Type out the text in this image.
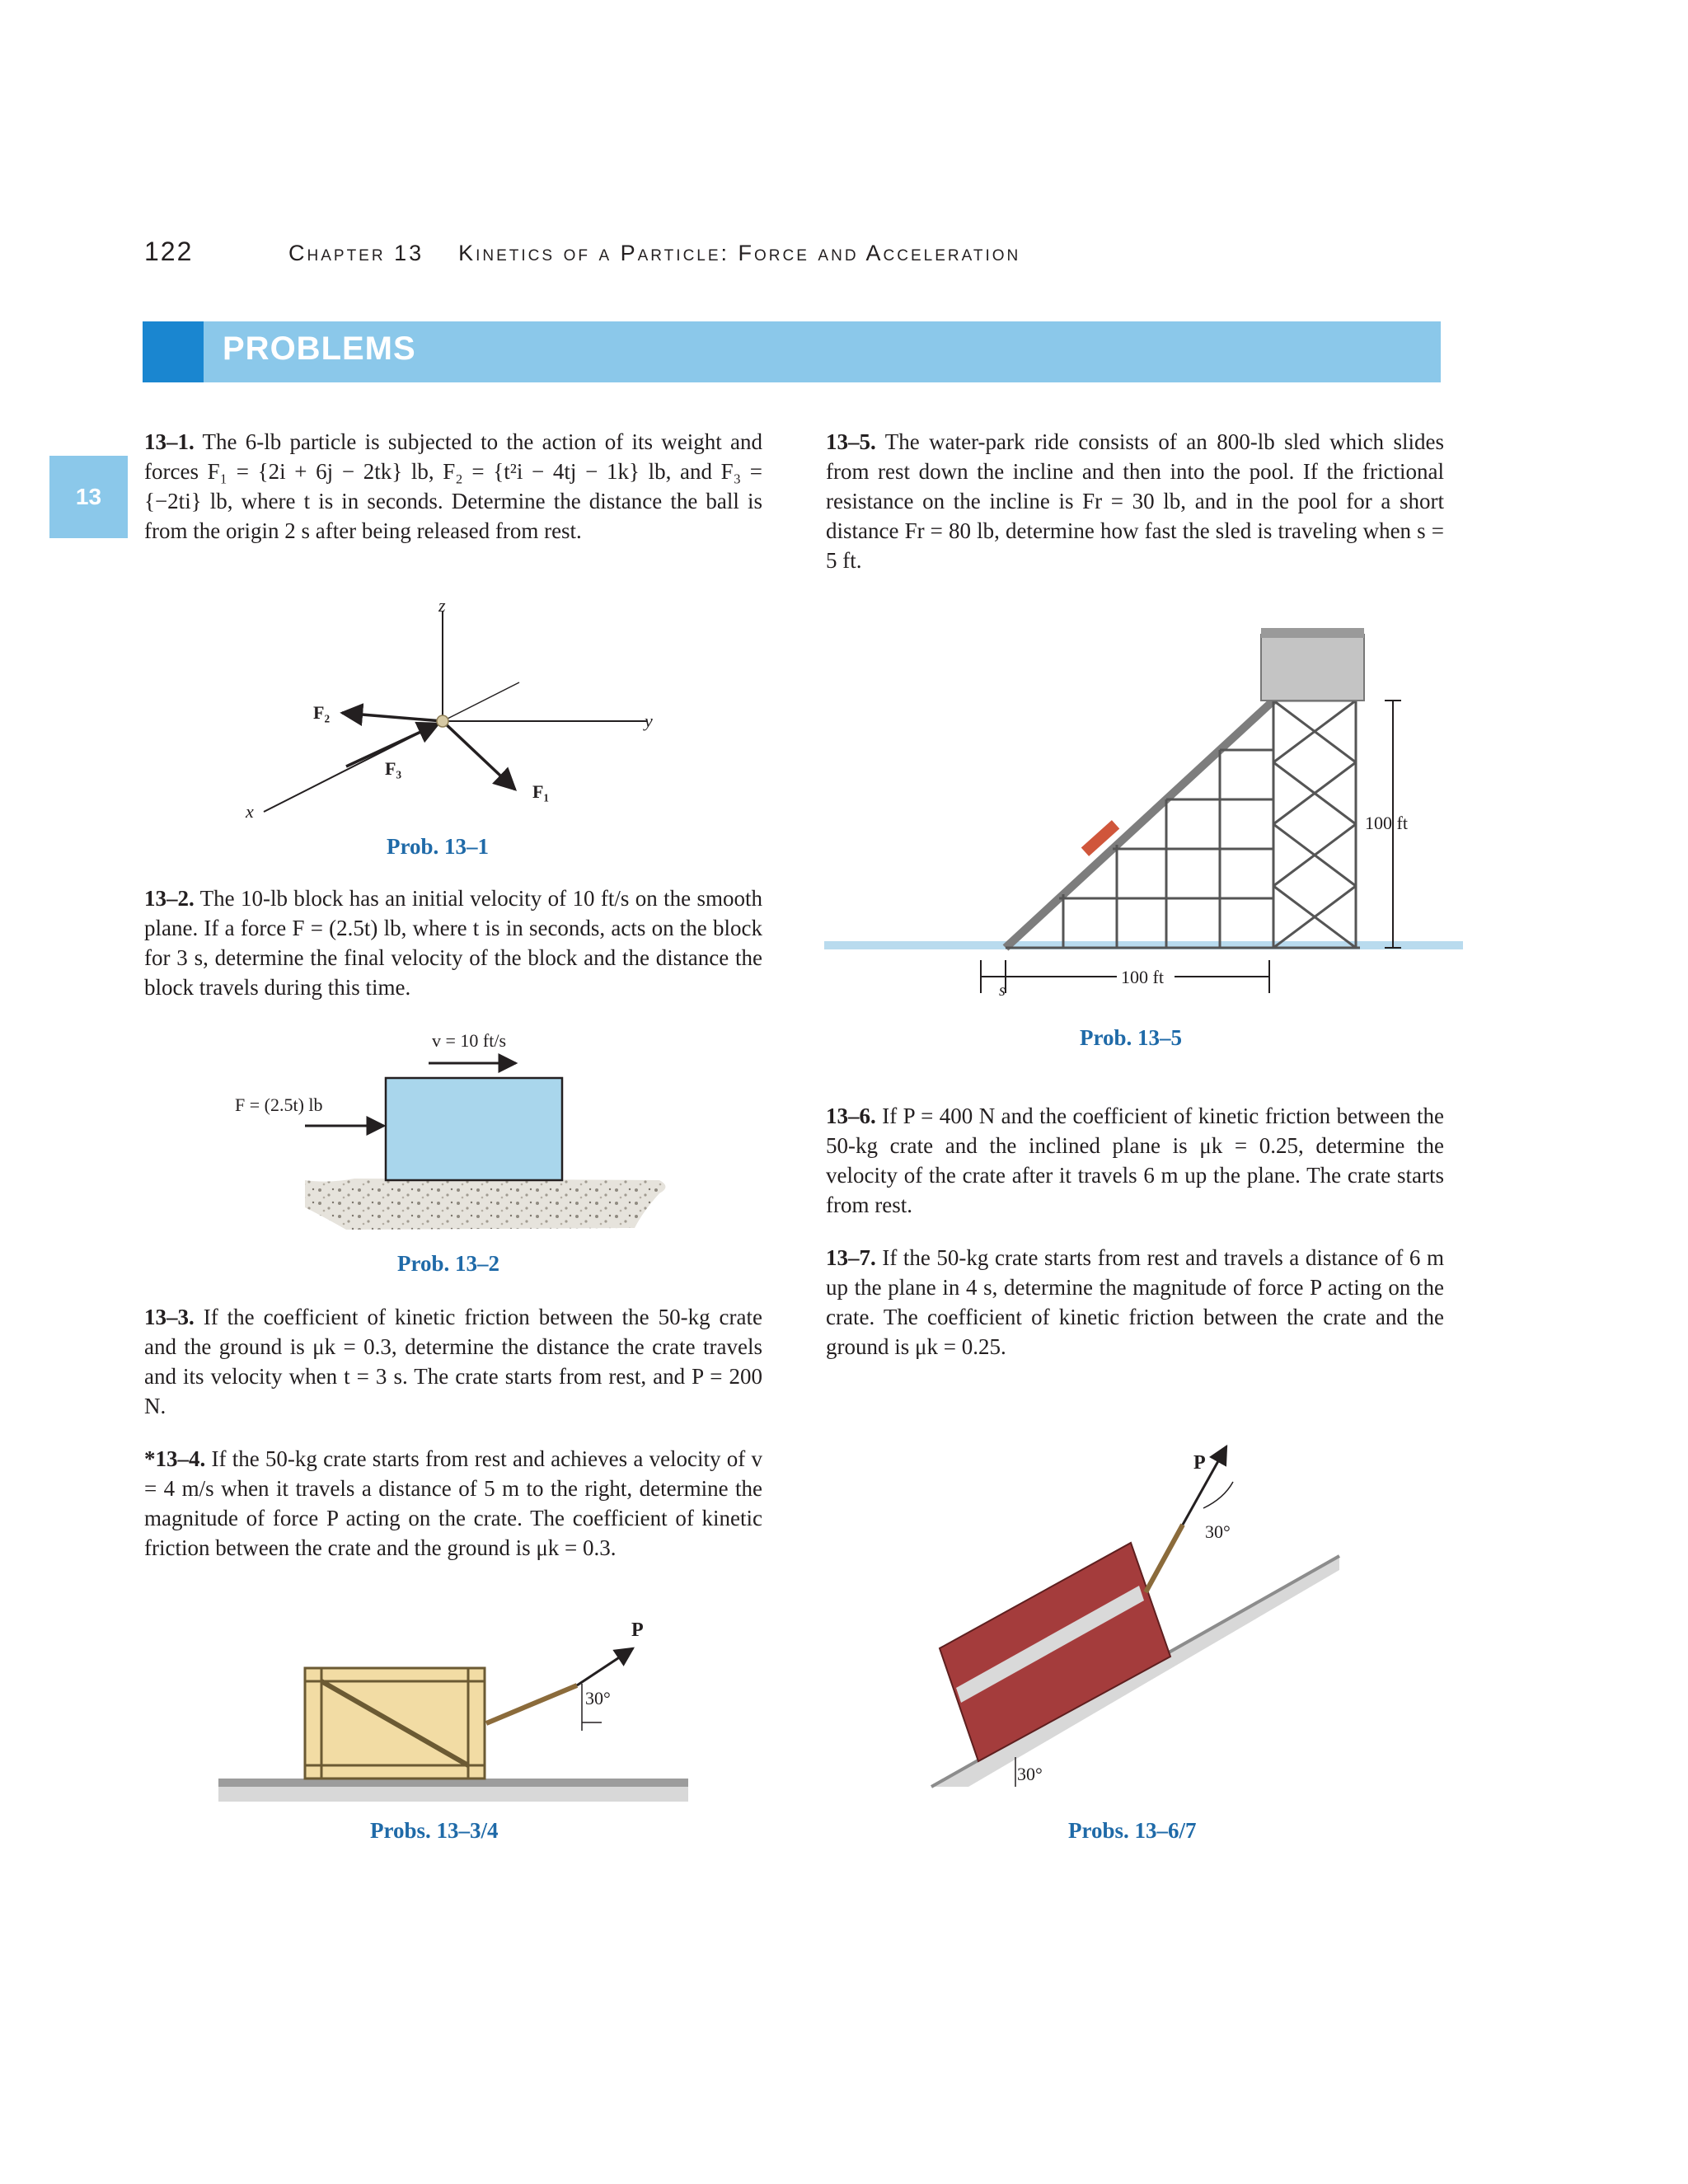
122	Chapter 13    Kinetics of a Particle: Force and Acceleration
PROBLEMS
13
13–1. The 6-lb particle is subjected to the action of its weight and forces F₁ = {2i + 6j − 2tk} lb, F₂ = {t²i − 4tj − 1k} lb, and F₃ = {−2ti} lb, where t is in seconds. Determine the distance the ball is from the origin 2 s after being released from rest.
13–2. The 10-lb block has an initial velocity of 10 ft/s on the smooth plane. If a force F = (2.5t) lb, where t is in seconds, acts on the block for 3 s, determine the final velocity of the block and the distance the block travels during this time.
13–3. If the coefficient of kinetic friction between the 50-kg crate and the ground is μk = 0.3, determine the distance the crate travels and its velocity when t = 3 s. The crate starts from rest, and P = 200 N.
*13–4. If the 50-kg crate starts from rest and achieves a velocity of v = 4 m/s when it travels a distance of 5 m to the right, determine the magnitude of force P acting on the crate. The coefficient of kinetic friction between the crate and the ground is μk = 0.3.
13–5. The water-park ride consists of an 800-lb sled which slides from rest down the incline and then into the pool. If the frictional resistance on the incline is Fr = 30 lb, and in the pool for a short distance Fr = 80 lb, determine how fast the sled is traveling when s = 5 ft.
13–6. If P = 400 N and the coefficient of kinetic friction between the 50-kg crate and the inclined plane is μk = 0.25, determine the velocity of the crate after it travels 6 m up the plane. The crate starts from rest.
13–7. If the 50-kg crate starts from rest and travels a distance of 6 m up the plane in 4 s, determine the magnitude of force P acting on the crate. The coefficient of kinetic friction between the crate and the ground is μk = 0.25.
z
y
x
F₂
F₃
F₁
Prob. 13–1
v = 10 ft/s
F = (2.5t) lb
Prob. 13–2
P
30°
Probs. 13–3/4
100 ft
100 ft
s
Prob. 13–5
P
30°
30°
Probs. 13–6/7
